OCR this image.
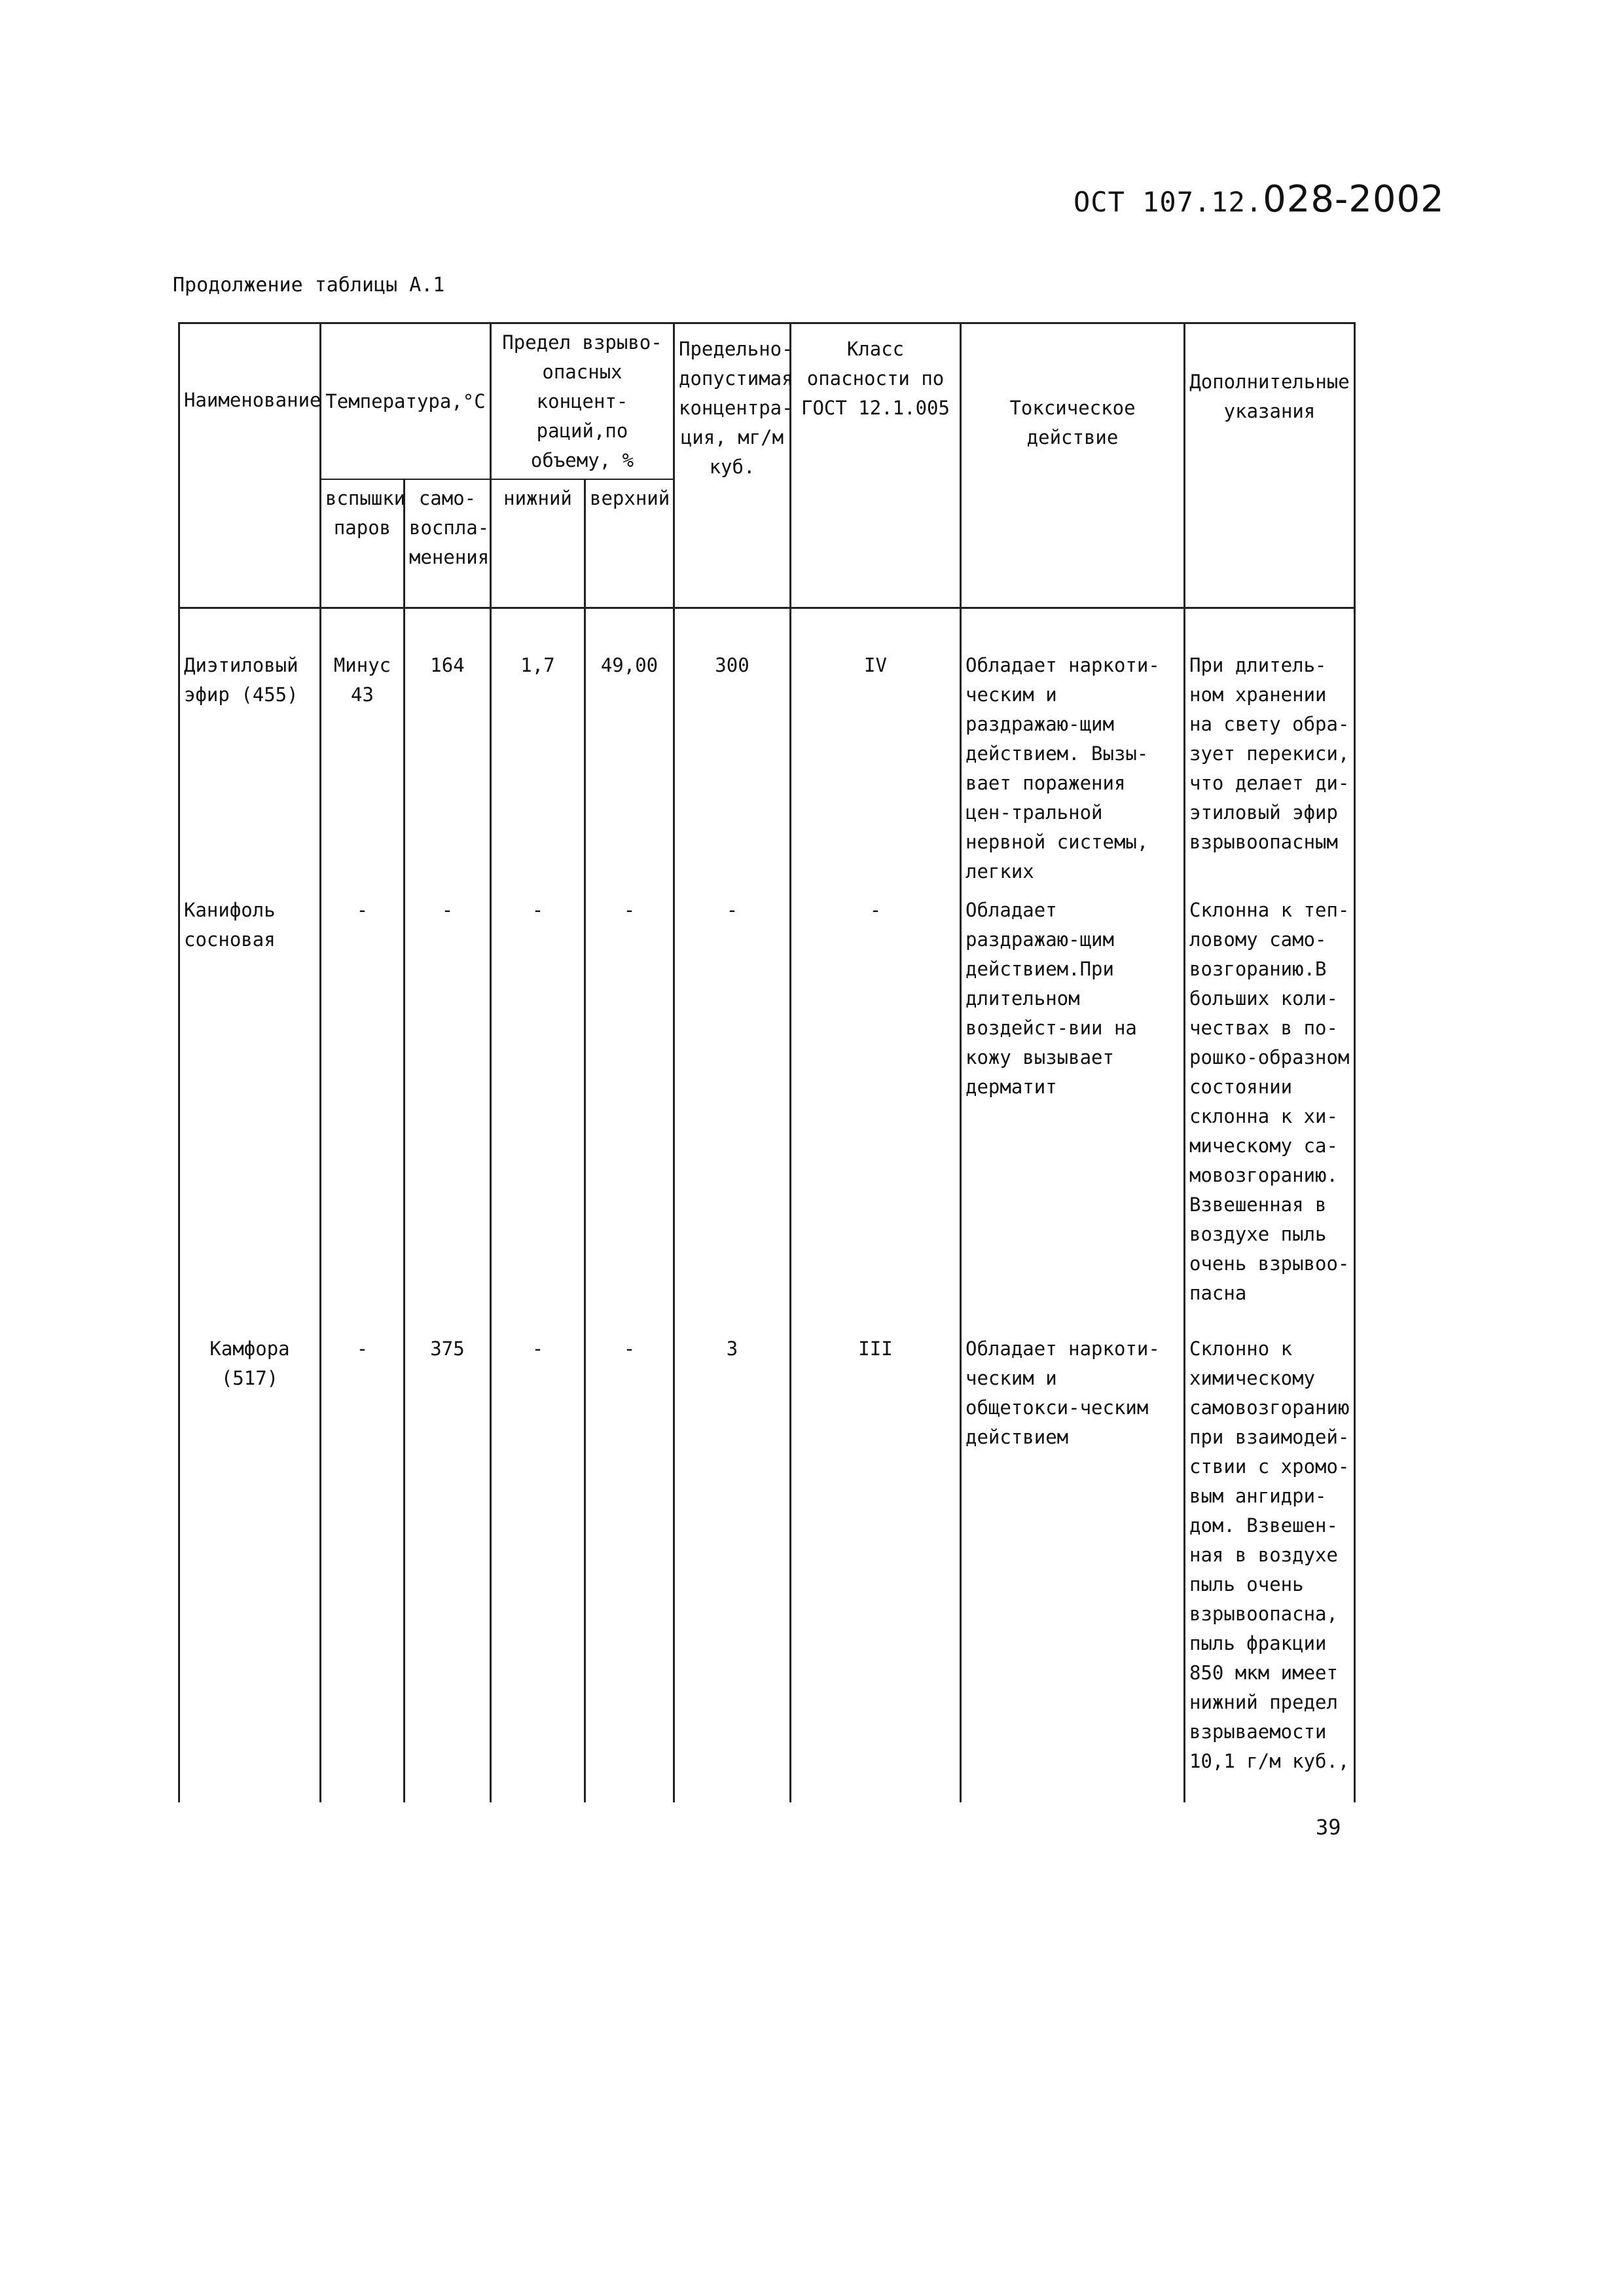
ОСТ 107.12.028-2002
Продолжение таблицы А.1
Наименование	Температура,°С		Предел взрыво-опасных концент-раций,по объему, %		Предельно-допустимая концентра-ция, мг/м куб.	Класс опасности по ГОСТ 12.1.005	Токсическое действие	Дополнительные указания
	вспышки паров	само-воспла-менения	нижний	верхний				
Диэтиловый эфир (455)	Минус 43	164	1,7	49,00	300	IV	Обладает наркоти-ческим и раздражаю-щим действием. Вызы-вает поражения цен-тральной нервной системы, легких	При длитель-ном хранении на свету обра-зует перекиси, что делает ди-этиловый эфир взрывоопасным
Канифоль сосновая	-	-	-	-	-	-	Обладает раздражаю-щим действием.При длительном воздейст-вии на кожу вызывает дерматит	Склонна к теп-ловому само-возгоранию.В больших коли-чествах в по-рошко-образном состоянии склонна к хи-мическому са-мовозгоранию. Взвешенная в воздухе пыль очень взрывоо-пасна
Камфора (517)	-	375	-	-	3	III	Обладает наркоти-ческим и общетокси-ческим действием	Склонно к химическому самовозгоранию при взаимодей-ствии с хромо-вым ангидри-дом. Взвешен-ная в воздухе пыль очень взрывоопасна, пыль фракции 850 мкм имеет нижний предел взрываемости 10,1 г/м куб.,
39
